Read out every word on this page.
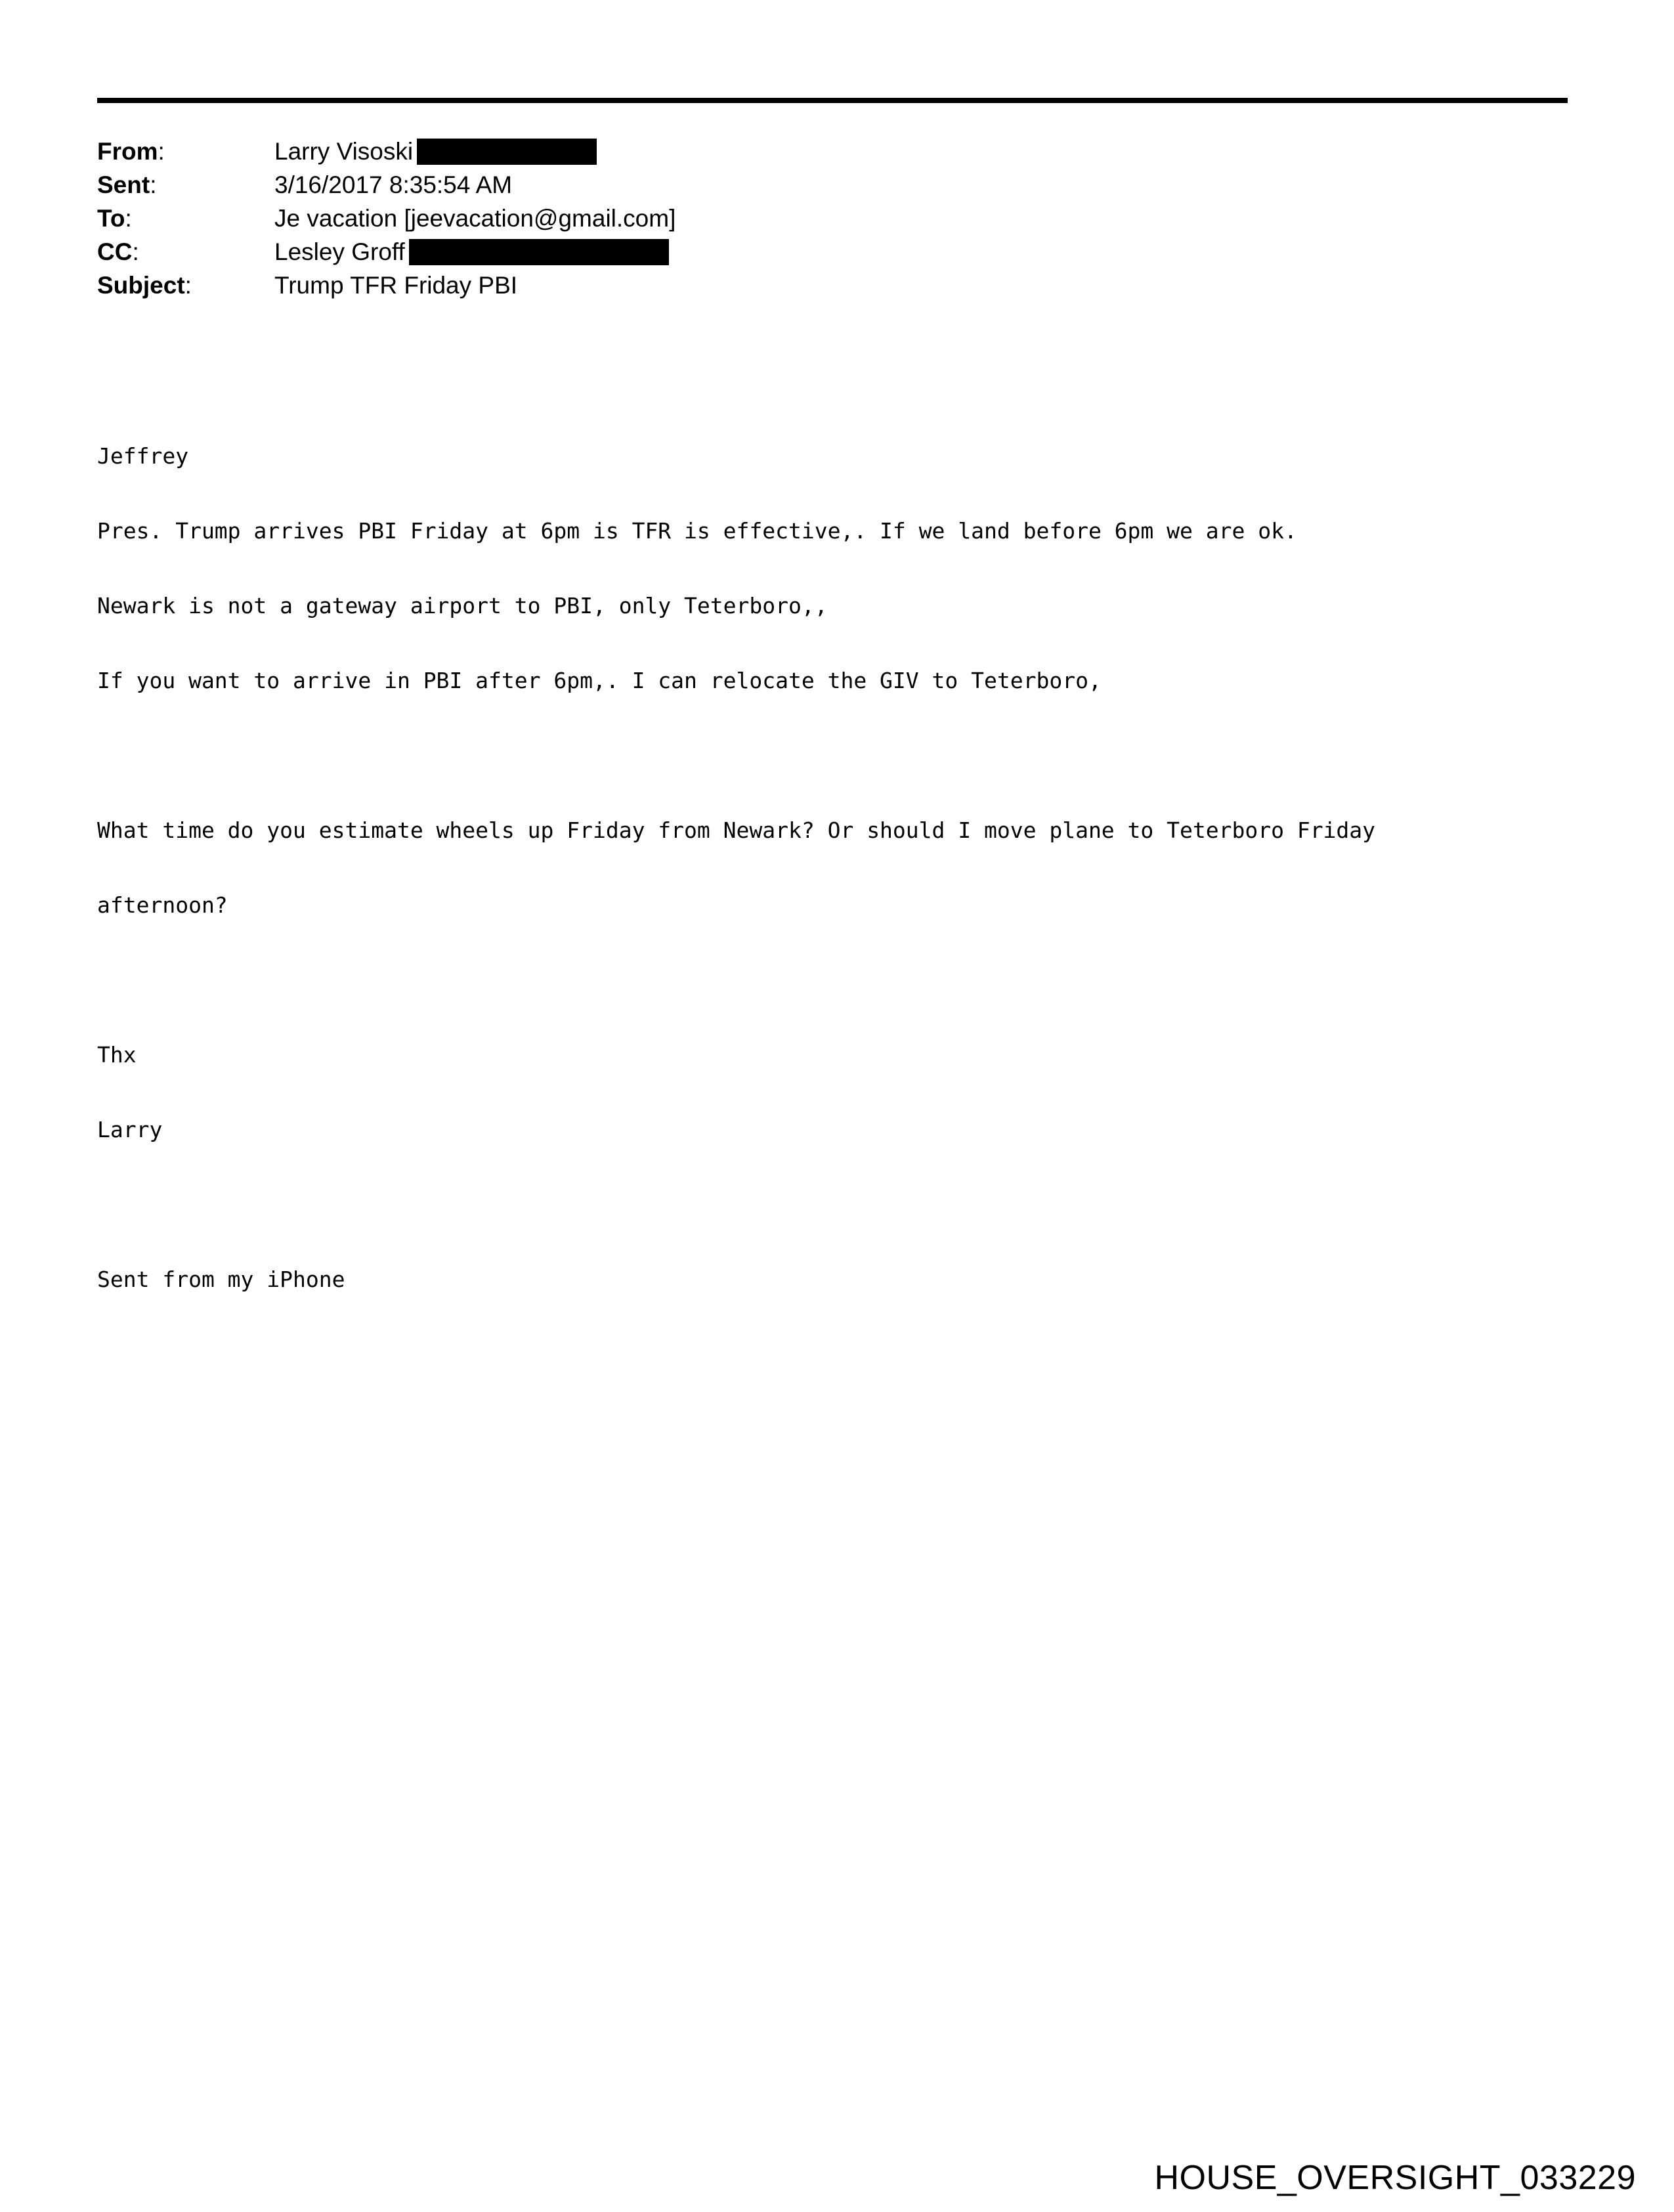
From:	Larry Visoski
Sent:	3/16/2017 8:35:54 AM
To:	Je vacation [jeevacation@gmail.com]
CC:	Lesley Groff
Subject:	Trump TFR Friday PBI

Jeffrey

Pres. Trump arrives PBI Friday at 6pm is TFR is effective,. If we land before 6pm we are ok.

Newark is not a gateway airport to PBI, only Teterboro,,

If you want to arrive in PBI after 6pm,. I can relocate the GIV to Teterboro,

What time do you estimate wheels up Friday from Newark? Or should I move plane to Teterboro Friday

afternoon?

Thx

Larry

Sent from my iPhone

HOUSE_OVERSIGHT_033229
